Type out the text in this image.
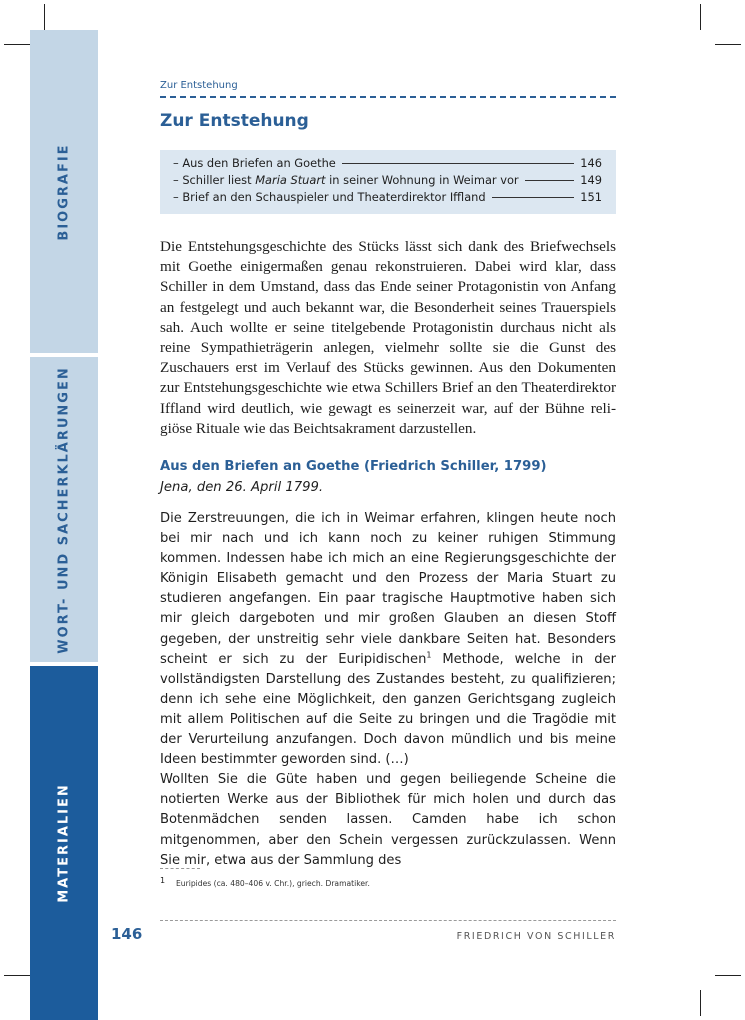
BIOGRAFIE
WORT- UND SACHERKLÄRUNGEN
MATERIALIEN
Zur Entstehung
Zur Entstehung
– Aus den Briefen an Goethe	146
– Schiller liest Maria Stuart in seiner Wohnung in Weimar vor	149
– Brief an den Schauspieler und Theaterdirektor Iffland	151

Die Entstehungsgeschichte des Stücks lässt sich dank des Briefwechsels mit Goethe einigermaßen genau rekonstruieren. Dabei wird klar, dass Schiller in dem Umstand, dass das Ende seiner Protagonistin von Anfang an festgelegt und auch bekannt war, die Besonderheit seines Trauerspiels sah. Auch wollte er seine titelgebende Protagonistin durchaus nicht als reine Sympathieträgerin anlegen, vielmehr sollte sie die Gunst des Zuschauers erst im Verlauf des Stücks gewinnen. Aus den Dokumenten zur Entstehungsgeschichte wie etwa Schillers Brief an den Theaterdirektor Iffland wird deutlich, wie gewagt es seinerzeit war, auf der Bühne religiöse Rituale wie das Beichtsakrament darzustellen.

Aus den Briefen an Goethe (Friedrich Schiller, 1799)

Jena, den 26. April 1799.

Die Zerstreuungen, die ich in Weimar erfahren, klingen heute noch bei mir nach und ich kann noch zu keiner ruhigen Stimmung kommen. Indessen habe ich mich an eine Regierungsgeschichte der Königin Elisabeth gemacht und den Prozess der Maria Stuart zu studieren angefangen. Ein paar tragische Hauptmotive haben sich mir gleich dargeboten und mir großen Glauben an diesen Stoff gegeben, der unstreitig sehr viele dankbare Seiten hat. Besonders scheint er sich zu der Euripidischen$^1$ Methode, welche in der vollständigsten Darstellung des Zustandes besteht, zu qualifizieren; denn ich sehe eine Möglichkeit, den ganzen Gerichtsgang zugleich mit allem Politischen auf die Seite zu bringen und die Tragödie mit der Verurteilung anzufangen. Doch davon mündlich und bis meine Ideen bestimmter geworden sind. (…)

Wollten Sie die Güte haben und gegen beiliegende Scheine die notierten Werke aus der Bibliothek für mich holen und durch das Botenmädchen senden lassen. Camden habe ich schon mitgenommen, aber den Schein vergessen zurückzulassen. Wenn Sie mir, etwa aus der Sammlung des

1 Euripides (ca. 480–406 v. Chr.), griech. Dramatiker.
146	FRIEDRICH VON SCHILLER
